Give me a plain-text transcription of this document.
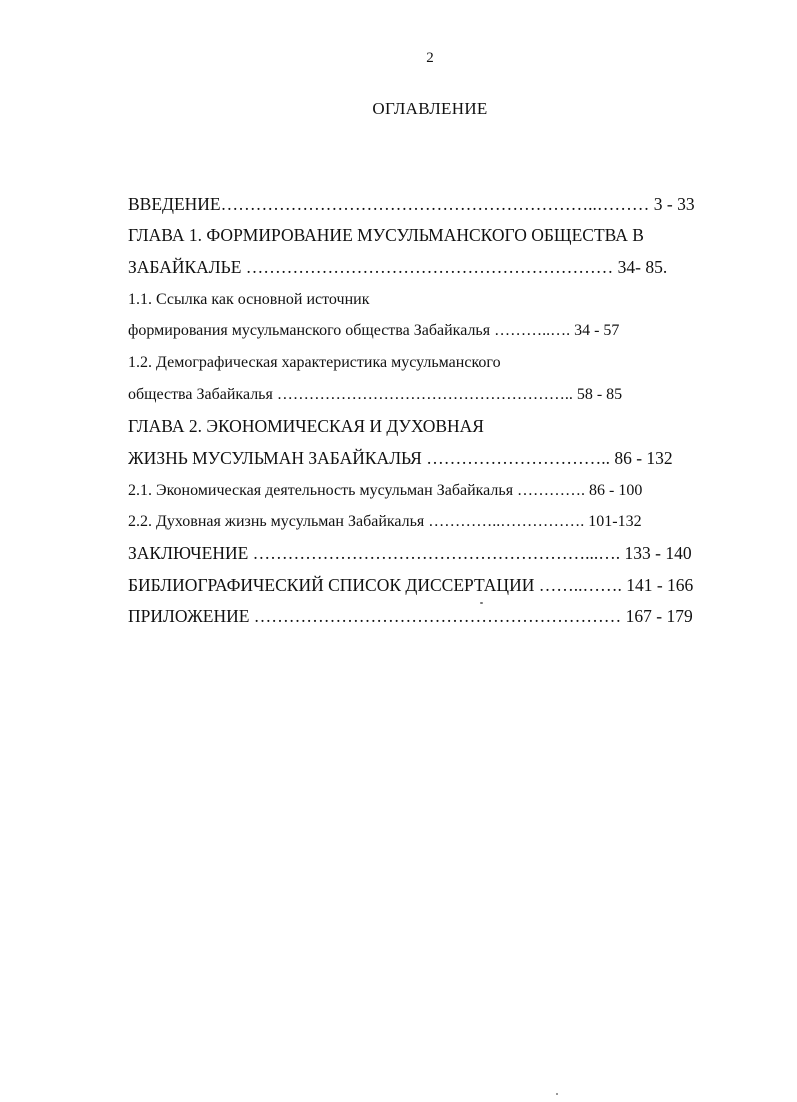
2
ОГЛАВЛЕНИЕ
ВВЕДЕНИЕ………………………………………………………..……… 3 - 33
ГЛАВА 1. ФОРМИРОВАНИЕ МУСУЛЬМАНСКОГО ОБЩЕСТВА В
ЗАБАЙКАЛЬЕ ……………………………………………………… 34- 85.
1.1. Ссылка как основной источник
формирования мусульманского общества Забайкалья ………..…. 34 - 57
1.2. Демографическая характеристика мусульманского
общества Забайкалья ……………………………………………….. 58 - 85
ГЛАВА 2. ЭКОНОМИЧЕСКАЯ И ДУХОВНАЯ
ЖИЗНЬ МУСУЛЬМАН ЗАБАЙКАЛЬЯ ………………………….. 86 - 132
2.1. Экономическая деятельность мусульман Забайкалья …………. 86 - 100
2.2. Духовная жизнь мусульман Забайкалья …………..……………. 101-132
ЗАКЛЮЧЕНИЕ …………………………………………………...…. 133 - 140
БИБЛИОГРАФИЧЕСКИЙ СПИСОК ДИССЕРТАЦИИ ……..……. 141 - 166
ПРИЛОЖЕНИЕ ……………………………………………………… 167 - 179
